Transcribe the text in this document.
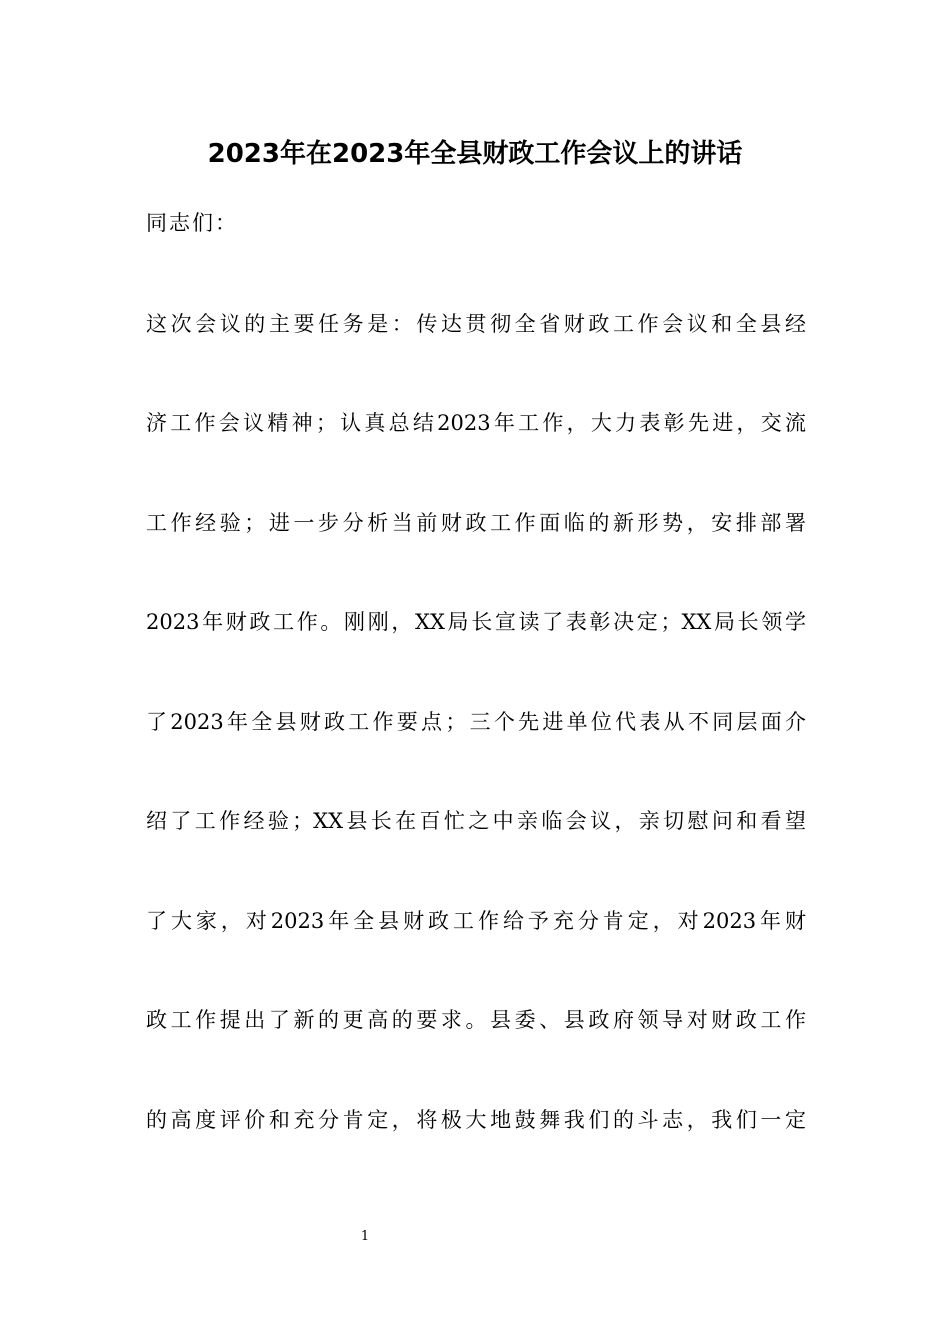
2023年在2023年全县财政工作会议上的讲话
同志们：
这次会议的主要任务是：传达贯彻全省财政工作会议和全县经
济工作会议精神；认真总结2023年工作，大力表彰先进，交流
工作经验；进一步分析当前财政工作面临的新形势，安排部署
2023年财政工作。刚刚，XX局长宣读了表彰决定；XX局长领学
了2023年全县财政工作要点；三个先进单位代表从不同层面介
绍了工作经验；XX县长在百忙之中亲临会议，亲切慰问和看望
了大家，对2023年全县财政工作给予充分肯定，对2023年财
政工作提出了新的更高的要求。县委、县政府领导对财政工作
的高度评价和充分肯定，将极大地鼓舞我们的斗志，我们一定
1
